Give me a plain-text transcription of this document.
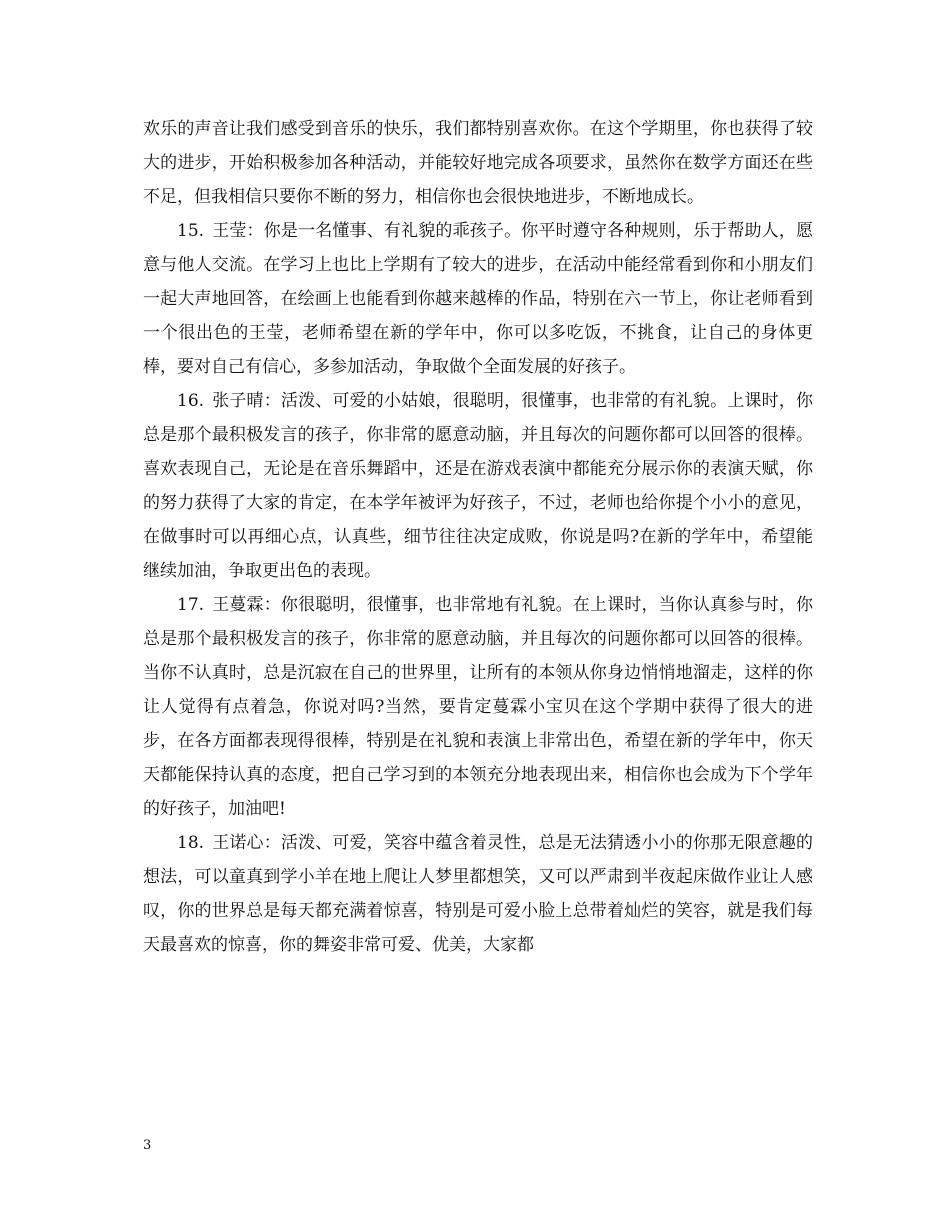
欢乐的声音让我们感受到音乐的快乐，我们都特别喜欢你。在这个学期里，你也获得了较大的进步，开始积极参加各种活动，并能较好地完成各项要求，虽然你在数学方面还在些不足，但我相信只要你不断的努力，相信你也会很快地进步，不断地成长。

15. 王莹：你是一名懂事、有礼貌的乖孩子。你平时遵守各种规则，乐于帮助人，愿意与他人交流。在学习上也比上学期有了较大的进步，在活动中能经常看到你和小朋友们一起大声地回答，在绘画上也能看到你越来越棒的作品，特别在六一节上，你让老师看到一个很出色的王莹，老师希望在新的学年中，你可以多吃饭，不挑食，让自己的身体更棒，要对自己有信心，多参加活动，争取做个全面发展的好孩子。

16. 张子晴：活泼、可爱的小姑娘，很聪明，很懂事，也非常的有礼貌。上课时，你总是那个最积极发言的孩子，你非常的愿意动脑，并且每次的问题你都可以回答的很棒。喜欢表现自己，无论是在音乐舞蹈中，还是在游戏表演中都能充分展示你的表演天赋，你的努力获得了大家的肯定，在本学年被评为好孩子，不过，老师也给你提个小小的意见，在做事时可以再细心点，认真些，细节往往决定成败，你说是吗?在新的学年中，希望能继续加油，争取更出色的表现。

17. 王蔓霖：你很聪明，很懂事，也非常地有礼貌。在上课时，当你认真参与时，你总是那个最积极发言的孩子，你非常的愿意动脑，并且每次的问题你都可以回答的很棒。当你不认真时，总是沉寂在自己的世界里，让所有的本领从你身边悄悄地溜走，这样的你让人觉得有点着急，你说对吗?当然，要肯定蔓霖小宝贝在这个学期中获得了很大的进步，在各方面都表现得很棒，特别是在礼貌和表演上非常出色，希望在新的学年中，你天天都能保持认真的态度，把自己学习到的本领充分地表现出来，相信你也会成为下个学年的好孩子，加油吧!

18. 王诺心：活泼、可爱，笑容中蕴含着灵性，总是无法猜透小小的你那无限意趣的想法，可以童真到学小羊在地上爬让人梦里都想笑，又可以严肃到半夜起床做作业让人感叹，你的世界总是每天都充满着惊喜，特别是可爱小脸上总带着灿烂的笑容，就是我们每天最喜欢的惊喜，你的舞姿非常可爱、优美，大家都

3
